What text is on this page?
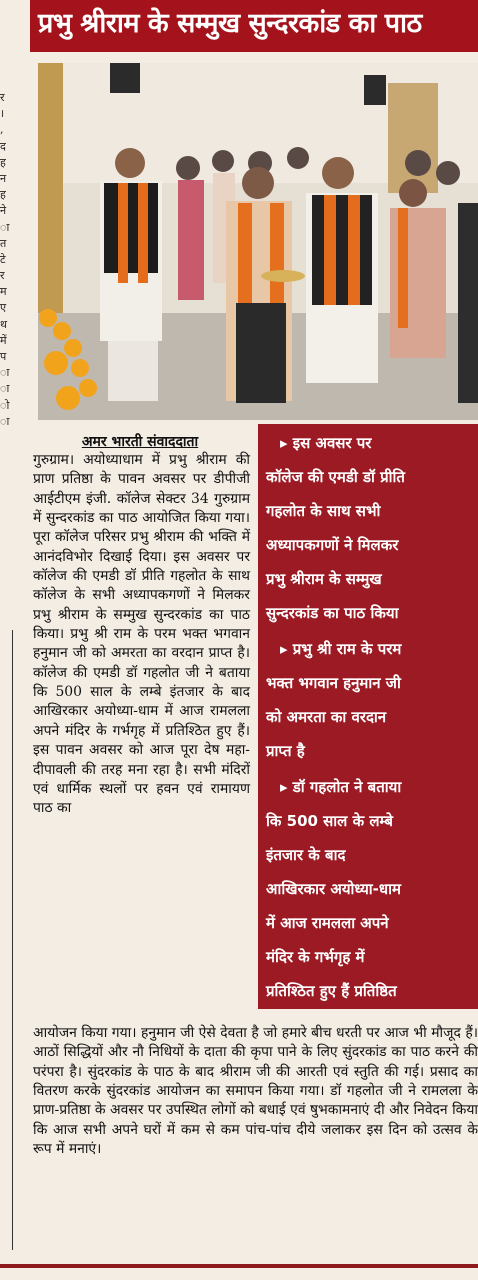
प्रभु श्रीराम के सम्मुख सुन्दरकांड का पाठ
र
।
,
द
ह
न
ह
ने
ा
त
टे
र
म
ए
थ
में
प
ा
ा
ो
ा
अमर भारती संवाददाता

गुरुग्राम। अयोध्याधाम में प्रभु श्रीराम की प्राण प्रतिष्ठा के पावन अवसर पर डीपीजी आईटीएम इंजी. कॉलेज सेक्टर 34 गुरुग्राम में सुन्दरकांड का पाठ आयोजित किया गया। पूरा कॉलेज परिसर प्रभु श्रीराम की भक्ति में आनंदविभोर दिखाई दिया। इस अवसर पर कॉलेज की एमडी डॉ प्रीति गहलोत के साथ कॉलेज के सभी अध्यापकगणों ने मिलकर प्रभु श्रीराम के सम्मुख सुन्दरकांड का पाठ किया। प्रभु श्री राम के परम भक्त भगवान हनुमान जी को अमरता का वरदान प्राप्त है। कॉलेज की एमडी डॉ गहलोत जी ने बताया कि 500 साल के लम्बे इंतजार के बाद आखिरकार अयोध्या-धाम में आज रामलला अपने मंदिर के गर्भगृह में प्रतिश्ठित हुए हैं। इस पावन अवसर को आज पूरा देष महा-दीपावली की तरह मना रहा है। सभी मंदिरों एवं धार्मिक स्थलों पर हवन एवं रामायण पाठ का

▸ इस अवसर पर
कॉलेज की एमडी डॉ प्रीति
गहलोत के साथ सभी
अध्यापकगणों ने मिलकर
प्रभु श्रीराम के सम्मुख
सुन्दरकांड का पाठ किया
▸ प्रभु श्री राम के परम
भक्त भगवान हनुमान जी
को अमरता का वरदान
प्राप्त है
▸ डॉ गहलोत ने बताया
कि 500 साल के लम्बे
इंतजार के बाद
आखिरकार अयोध्या-धाम
में आज रामलला अपने
मंदिर के गर्भगृह में
प्रतिश्ठित हुए हैं प्रतिष्ठित

आयोजन किया गया। हनुमान जी ऐसे देवता है जो हमारे बीच धरती पर आज भी मौजूद हैं। आठों सिद्धियों और नौ निधियों के दाता की कृपा पाने के लिए सुंदरकांड का पाठ करने की परंपरा है। सुंदरकांड के पाठ के बाद श्रीराम जी की आरती एवं स्तुति की गई। प्रसाद का वितरण करके सुंदरकांड आयोजन का समापन किया गया। डॉ गहलोत जी ने रामलला के प्राण-प्रतिष्ठा के अवसर पर उपस्थित लोगों को बधाई एवं षुभकामनाएं दी और निवेदन किया कि आज सभी अपने घरों में कम से कम पांच-पांच दीये जलाकर इस दिन को उत्सव के रूप में मनाएं।
